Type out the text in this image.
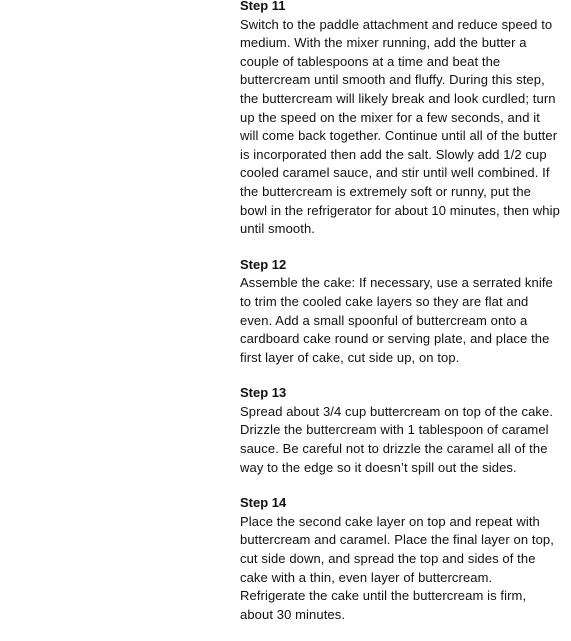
Step 11

Switch to the paddle attachment and reduce speed to medium. With the mixer running, add the butter a couple of tablespoons at a time and beat the buttercream until smooth and fluffy. During this step, the buttercream will likely break and look curdled; turn up the speed on the mixer for a few seconds, and it will come back together. Continue until all of the butter is incorporated then add the salt. Slowly add 1/2 cup cooled caramel sauce, and stir until well combined. If the buttercream is extremely soft or runny, put the bowl in the refrigerator for about 10 minutes, then whip until smooth.

Step 12

Assemble the cake: If necessary, use a serrated knife to trim the cooled cake layers so they are flat and even. Add a small spoonful of buttercream onto a cardboard cake round or serving plate, and place the first layer of cake, cut side up, on top.

Step 13

Spread about 3/4 cup buttercream on top of the cake. Drizzle the buttercream with 1 tablespoon of caramel sauce. Be careful not to drizzle the caramel all of the way to the edge so it doesn’t spill out the sides.

Step 14

Place the second cake layer on top and repeat with buttercream and caramel. Place the final layer on top, cut side down, and spread the top and sides of the cake with a thin, even layer of buttercream. Refrigerate the cake until the buttercream is firm, about 30 minutes.
